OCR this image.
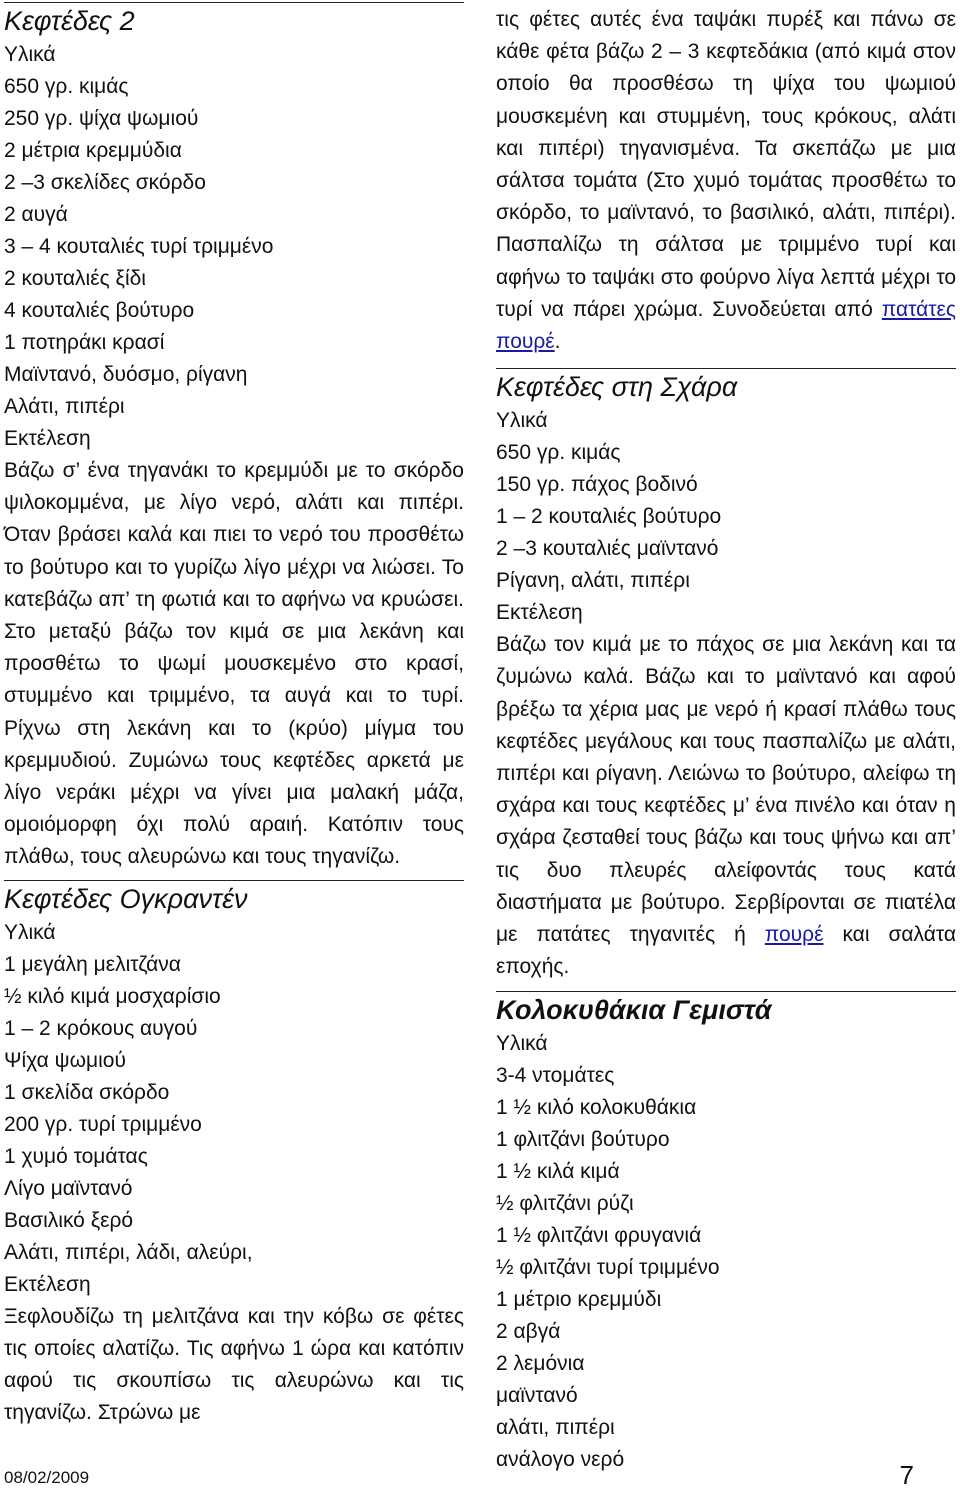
Κεφτέδες 2
Υλικά
650 γρ. κιμάς
250 γρ. ψίχα ψωμιού
2 μέτρια κρεμμύδια
2 –3 σκελίδες σκόρδο
2 αυγά
3 – 4 κουταλιές τυρί τριμμένο
2 κουταλιές ξίδι
4 κουταλιές βούτυρο
1 ποτηράκι κρασί
Μαϊντανό, δυόσμο, ρίγανη
Αλάτι, πιπέρι
Εκτέλεση

Βάζω σ’ ένα τηγανάκι το κρεμμύδι με το σκόρδο ψιλοκομμένα, με λίγο νερό, αλάτι και πιπέρι. Όταν βράσει καλά και πιει το νερό του προσθέτω το βούτυρο και το γυρίζω λίγο μέχρι να λιώσει. Το κατεβάζω απ’ τη φωτιά και το αφήνω να κρυώσει. Στο μεταξύ βάζω τον κιμά σε μια λεκάνη και προσθέτω το ψωμί μουσκεμένο στο κρασί, στυμμένο και τριμμένο, τα αυγά και το τυρί. Ρίχνω στη λεκάνη και το (κρύο) μίγμα του κρεμμυδιού. Ζυμώνω τους κεφτέδες αρκετά με λίγο νεράκι μέχρι να γίνει μια μαλακή μάζα, ομοιόμορφη όχι πολύ αραιή. Κατόπιν τους πλάθω, τους αλευρώνω και τους τηγανίζω.

Κεφτέδες Ογκραντέν
Υλικά
1 μεγάλη μελιτζάνα
½ κιλό κιμά μοσχαρίσιο
1 – 2 κρόκους αυγού
Ψίχα ψωμιού
1 σκελίδα σκόρδο
200 γρ. τυρί τριμμένο
1 χυμό τομάτας
Λίγο μαϊντανό
Βασιλικό ξερό
Αλάτι, πιπέρι, λάδι, αλεύρι,
Εκτέλεση

Ξεφλουδίζω τη μελιτζάνα και την κόβω σε φέτες τις οποίες αλατίζω. Τις αφήνω 1 ώρα και κατόπιν αφού τις σκουπίσω τις αλευρώνω και τις τηγανίζω. Στρώνω με

τις φέτες αυτές ένα ταψάκι πυρέξ και πάνω σε κάθε φέτα βάζω 2 – 3 κεφτεδάκια (από κιμά στον οποίο θα προσθέσω τη ψίχα του ψωμιού μουσκεμένη και στυμμένη, τους κρόκους, αλάτι και πιπέρι) τηγανισμένα. Τα σκεπάζω με μια σάλτσα τομάτα (Στο χυμό τομάτας προσθέτω το σκόρδο, το μαϊντανό, το βασιλικό, αλάτι, πιπέρι). Πασπαλίζω τη σάλτσα με τριμμένο τυρί και αφήνω το ταψάκι στο φούρνο λίγα λεπτά μέχρι το τυρί να πάρει χρώμα. Συνοδεύεται από πατάτες πουρέ.

Κεφτέδες στη Σχάρα
Υλικά
650 γρ. κιμάς
150 γρ. πάχος βοδινό
1 – 2 κουταλιές βούτυρο
2 –3 κουταλιές μαϊντανό
Ρίγανη, αλάτι, πιπέρι
Εκτέλεση

Βάζω τον κιμά με το πάχος σε μια λεκάνη και τα ζυμώνω καλά. Βάζω και το μαϊντανό και αφού βρέξω τα χέρια μας με νερό ή κρασί πλάθω τους κεφτέδες μεγάλους και τους πασπαλίζω με αλάτι, πιπέρι και ρίγανη. Λειώνω το βούτυρο, αλείφω τη σχάρα και τους κεφτέδες μ’ ένα πινέλο και όταν η σχάρα ζεσταθεί τους βάζω και τους ψήνω και απ’ τις δυο πλευρές αλείφοντάς τους κατά διαστήματα με βούτυρο. Σερβίρονται σε πιατέλα με πατάτες τηγανιτές ή πουρέ και σαλάτα εποχής.

Κολοκυθάκια Γεμιστά
Υλικά
3-4 ντομάτες
1 ½ κιλό κολοκυθάκια
1 φλιτζάνι βούτυρο
1 ½ κιλά κιμά
½ φλιτζάνι ρύζι
1 ½ φλιτζάνι φρυγανιά
½ φλιτζάνι τυρί τριμμένο
1 μέτριο κρεμμύδι
2 αβγά
2 λεμόνια
μαϊντανό
αλάτι, πιπέρι
ανάλογο νερό
08/02/2009	7
